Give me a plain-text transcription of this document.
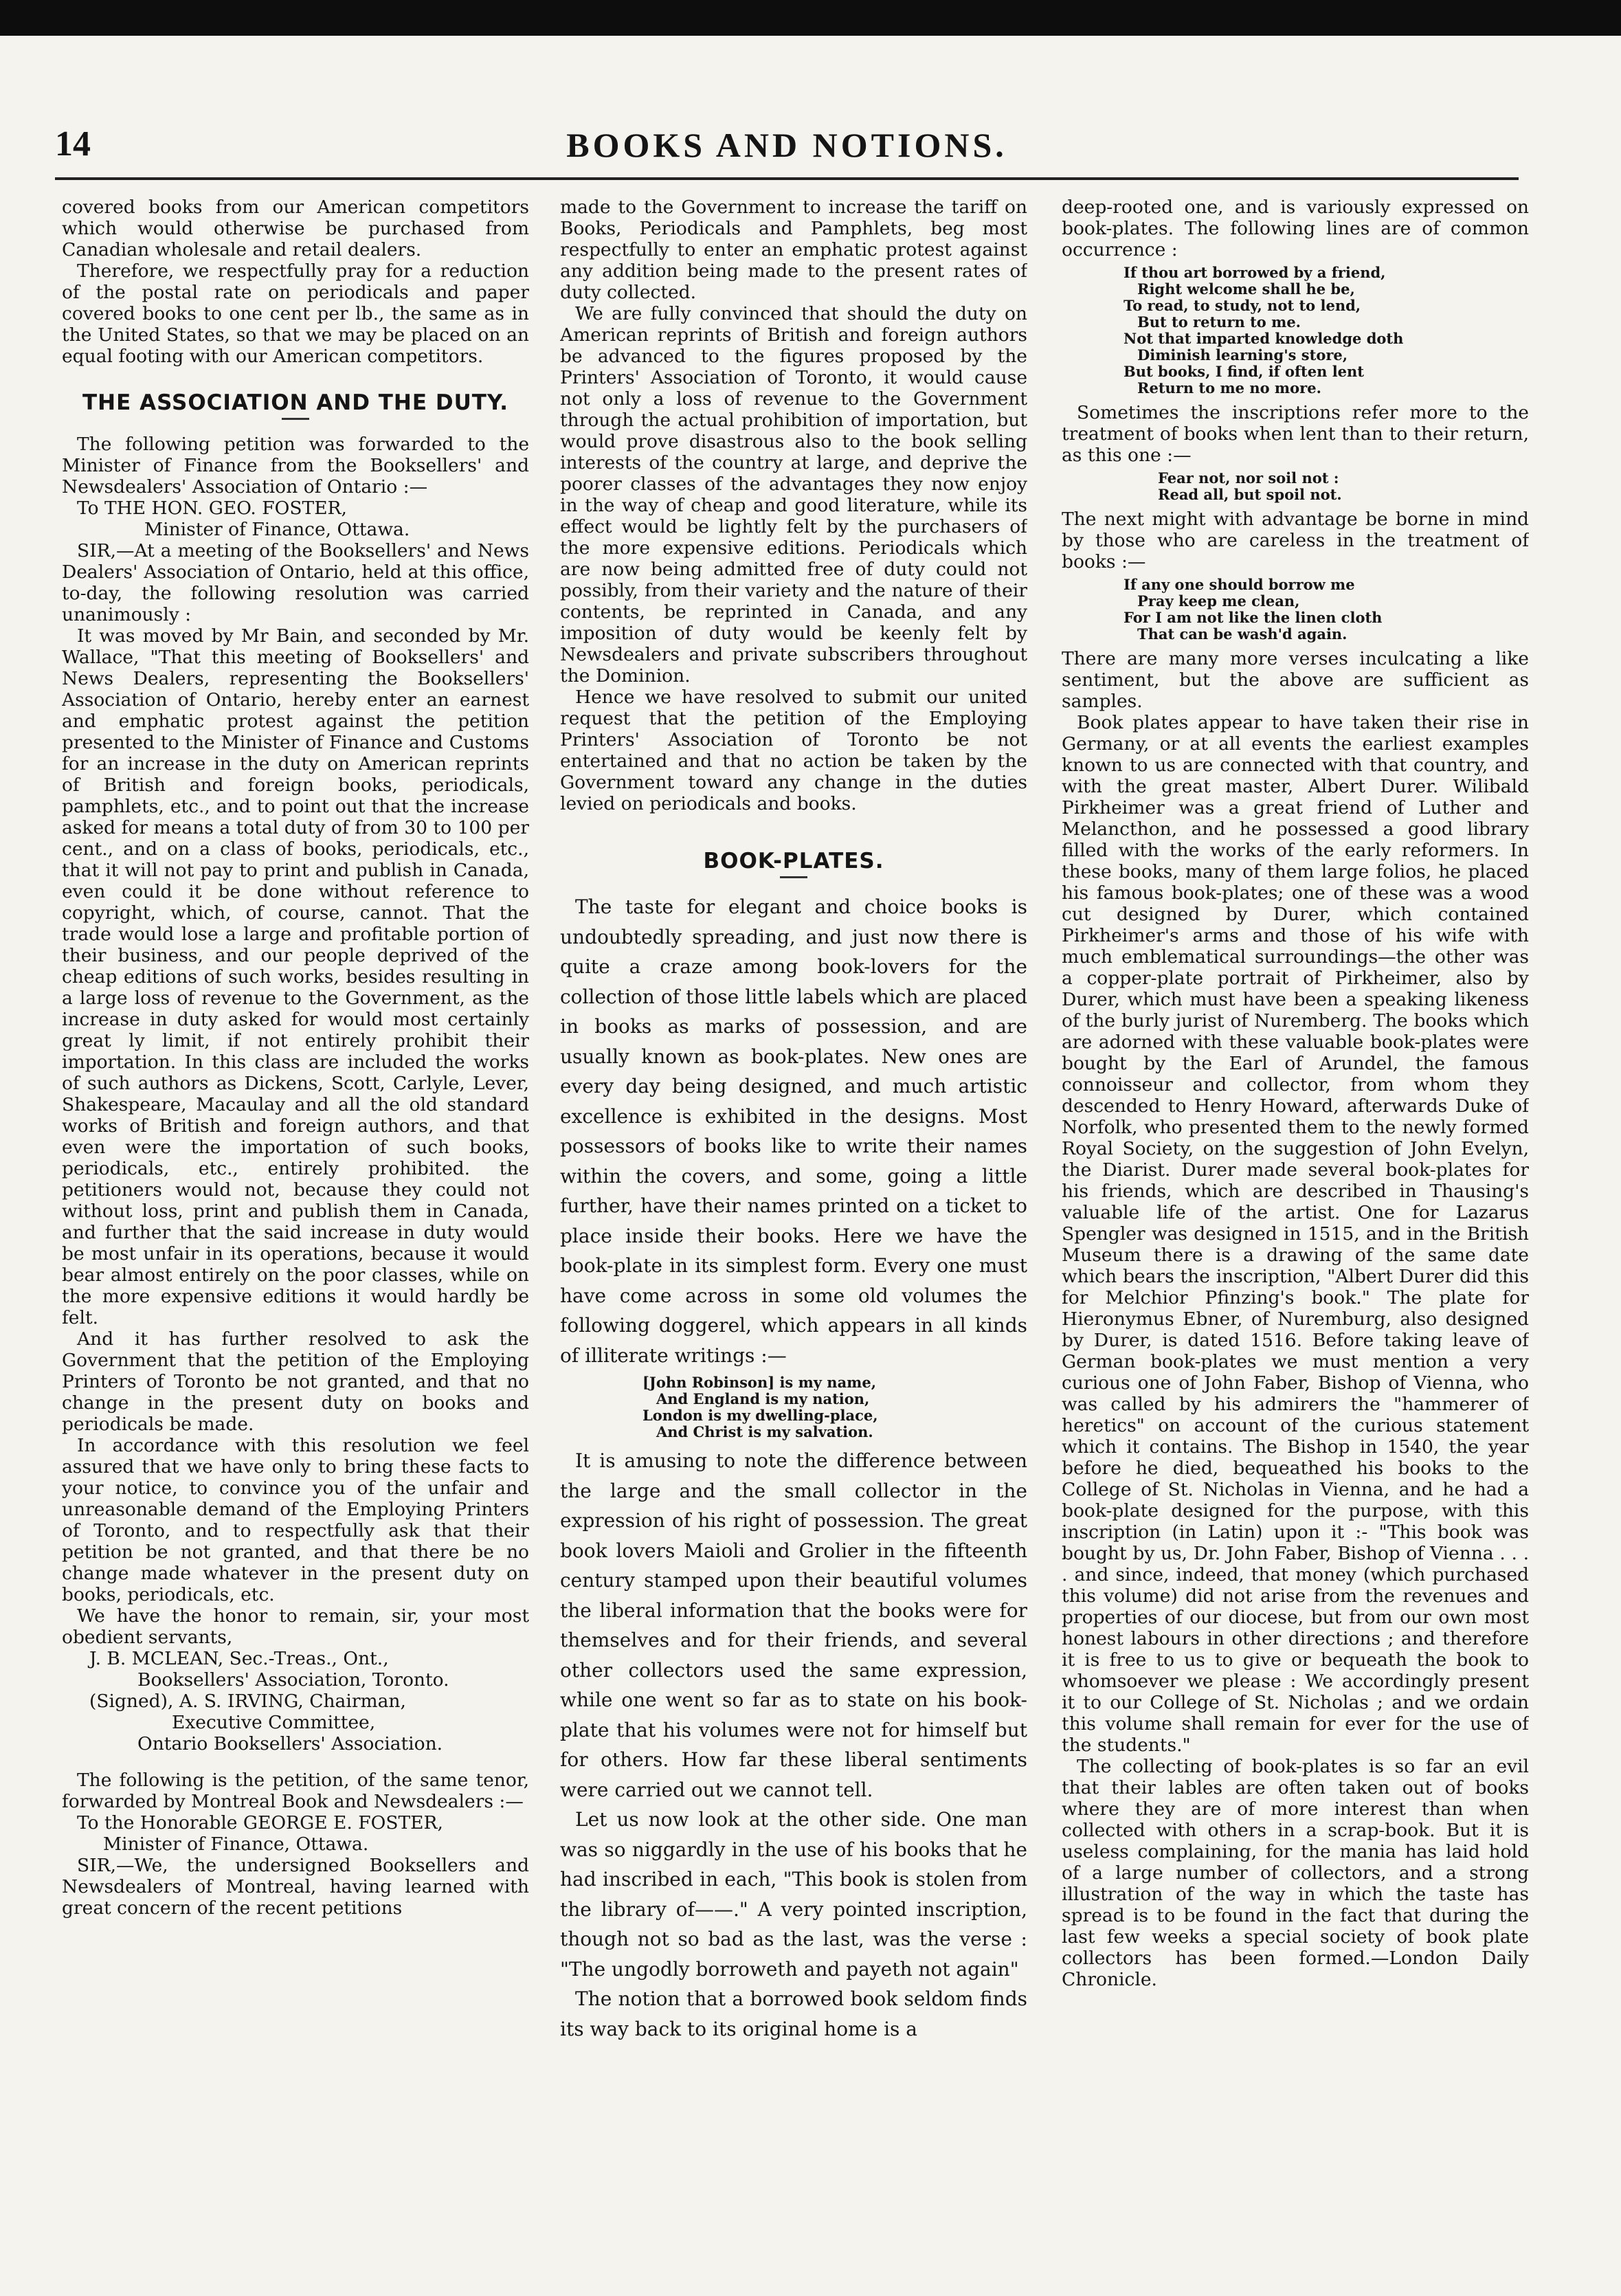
14	BOOKS AND NOTIONS.

covered books from our American competitors which would otherwise be purchased from Canadian wholesale and retail dealers.

Therefore, we respectfully pray for a reduction of the postal rate on periodicals and paper covered books to one cent per lb., the same as in the United States, so that we may be placed on an equal footing with our American competitors.

THE ASSOCIATION AND THE DUTY.

The following petition was forwarded to the Minister of Finance from the Booksellers' and Newsdealers' Association of Ontario :—

To THE HON. GEO. FOSTER,

Minister of Finance, Ottawa.

SIR,—At a meeting of the Booksellers' and News Dealers' Association of Ontario, held at this office, to-day, the following resolution was carried unanimously :

It was moved by Mr Bain, and seconded by Mr. Wallace, "That this meeting of Booksellers' and News Dealers, representing the Booksellers' Association of Ontario, hereby enter an earnest and emphatic protest against the petition presented to the Minister of Finance and Customs for an increase in the duty on American reprints of British and foreign books, periodicals, pamphlets, etc., and to point out that the increase asked for means a total duty of from 30 to 100 per cent., and on a class of books, periodicals, etc., that it will not pay to print and publish in Canada, even could it be done without reference to copyright, which, of course, cannot. That the trade would lose a large and profitable portion of their business, and our people deprived of the cheap editions of such works, besides resulting in a large loss of revenue to the Government, as the increase in duty asked for would most certainly great ly limit, if not entirely prohibit their importation. In this class are included the works of such authors as Dickens, Scott, Carlyle, Lever, Shakespeare, Macaulay and all the old standard works of British and foreign authors, and that even were the importation of such books, periodicals, etc., entirely prohibited. the petitioners would not, because they could not without loss, print and publish them in Canada, and further that the said increase in duty would be most unfair in its operations, because it would bear almost entirely on the poor classes, while on the more expensive editions it would hardly be felt.

And it has further resolved to ask the Government that the petition of the Employing Printers of Toronto be not granted, and that no change in the present duty on books and periodicals be made.

In accordance with this resolution we feel assured that we have only to bring these facts to your notice, to convince you of the unfair and unreasonable demand of the Employing Printers of Toronto, and to respectfully ask that their petition be not granted, and that there be no change made whatever in the present duty on books, periodicals, etc.

We have the honor to remain, sir, your most obedient servants,

J. B. MCLEAN, Sec.-Treas., Ont.,

Booksellers' Association, Toronto.

(Signed), A. S. IRVING, Chairman,

Executive Committee,

Ontario Booksellers' Association.

The following is the petition, of the same tenor, forwarded by Montreal Book and Newsdealers :—

To the Honorable GEORGE E. FOSTER,

Minister of Finance, Ottawa.

SIR,—We, the undersigned Booksellers and Newsdealers of Montreal, having learned with great concern of the recent petitions

made to the Government to increase the tariff on Books, Periodicals and Pamphlets, beg most respectfully to enter an emphatic protest against any addition being made to the present rates of duty collected.

We are fully convinced that should the duty on American reprints of British and foreign authors be advanced to the figures proposed by the Printers' Association of Toronto, it would cause not only a loss of revenue to the Government through the actual prohibition of importation, but would prove disastrous also to the book selling interests of the country at large, and deprive the poorer classes of the advantages they now enjoy in the way of cheap and good literature, while its effect would be lightly felt by the purchasers of the more expensive editions. Periodicals which are now being admitted free of duty could not possibly, from their variety and the nature of their contents, be reprinted in Canada, and any imposition of duty would be keenly felt by Newsdealers and private subscribers throughout the Dominion.

Hence we have resolved to submit our united request that the petition of the Employing Printers' Association of Toronto be not entertained and that no action be taken by the Government toward any change in the duties levied on periodicals and books.

BOOK-PLATES.

The taste for elegant and choice books is undoubtedly spreading, and just now there is quite a craze among book-lovers for the collection of those little labels which are placed in books as marks of possession, and are usually known as book-plates. New ones are every day being designed, and much artistic excellence is exhibited in the designs. Most possessors of books like to write their names within the covers, and some, going a little further, have their names printed on a ticket to place inside their books. Here we have the book-plate in its simplest form. Every one must have come across in some old volumes the following doggerel, which appears in all kinds of illiterate writings :—

[John Robinson] is my name,
And England is my nation,
London is my dwelling-place,
And Christ is my salvation.

It is amusing to note the difference between the large and the small collector in the expression of his right of possession. The great book lovers Maioli and Grolier in the fifteenth century stamped upon their beautiful volumes the liberal information that the books were for themselves and for their friends, and several other collectors used the same expression, while one went so far as to state on his book-plate that his volumes were not for himself but for others. How far these liberal sentiments were carried out we cannot tell.

Let us now look at the other side. One man was so niggardly in the use of his books that he had inscribed in each, "This book is stolen from the library of——." A very pointed inscription, though not so bad as the last, was the verse : "The ungodly borroweth and payeth not again"

The notion that a borrowed book seldom finds its way back to its original home is a

deep-rooted one, and is variously expressed on book-plates. The following lines are of common occurrence :

If thou art borrowed by a friend,
Right welcome shall he be,
To read, to study, not to lend,
But to return to me.
Not that imparted knowledge doth
Diminish learning's store,
But books, I find, if often lent
Return to me no more.

Sometimes the inscriptions refer more to the treatment of books when lent than to their return, as this one :—

Fear not, nor soil not :
Read all, but spoil not.

The next might with advantage be borne in mind by those who are careless in the treatment of books :—

If any one should borrow me
Pray keep me clean,
For I am not like the linen cloth
That can be wash'd again.

There are many more verses inculcating a like sentiment, but the above are sufficient as samples.

Book plates appear to have taken their rise in Germany, or at all events the earliest examples known to us are connected with that country, and with the great master, Albert Durer. Wilibald Pirkheimer was a great friend of Luther and Melancthon, and he possessed a good library filled with the works of the early reformers. In these books, many of them large folios, he placed his famous book-plates; one of these was a wood cut designed by Durer, which contained Pirkheimer's arms and those of his wife with much emblematical surroundings—the other was a copper-plate portrait of Pirkheimer, also by Durer, which must have been a speaking likeness of the burly jurist of Nuremberg. The books which are adorned with these valuable book-plates were bought by the Earl of Arundel, the famous connoisseur and collector, from whom they descended to Henry Howard, afterwards Duke of Norfolk, who presented them to the newly formed Royal Society, on the suggestion of John Evelyn, the Diarist. Durer made several book-plates for his friends, which are described in Thausing's valuable life of the artist. One for Lazarus Spengler was designed in 1515, and in the British Museum there is a drawing of the same date which bears the inscription, "Albert Durer did this for Melchior Pfinzing's book." The plate for Hieronymus Ebner, of Nuremburg, also designed by Durer, is dated 1516. Before taking leave of German book-plates we must mention a very curious one of John Faber, Bishop of Vienna, who was called by his admirers the "hammerer of heretics" on account of the curious statement which it contains. The Bishop in 1540, the year before he died, bequeathed his books to the College of St. Nicholas in Vienna, and he had a book-plate designed for the purpose, with this inscription (in Latin) upon it :- "This book was bought by us, Dr. John Faber, Bishop of Vienna . . . . and since, indeed, that money (which purchased this volume) did not arise from the revenues and properties of our diocese, but from our own most honest labours in other directions ; and therefore it is free to us to give or bequeath the book to whomsoever we please : We accordingly present it to our College of St. Nicholas ; and we ordain this volume shall remain for ever for the use of the students."

The collecting of book-plates is so far an evil that their lables are often taken out of books where they are of more interest than when collected with others in a scrap-book. But it is useless complaining, for the mania has laid hold of a large number of collectors, and a strong illustration of the way in which the taste has spread is to be found in the fact that during the last few weeks a special society of book plate collectors has been formed.—London Daily Chronicle.
